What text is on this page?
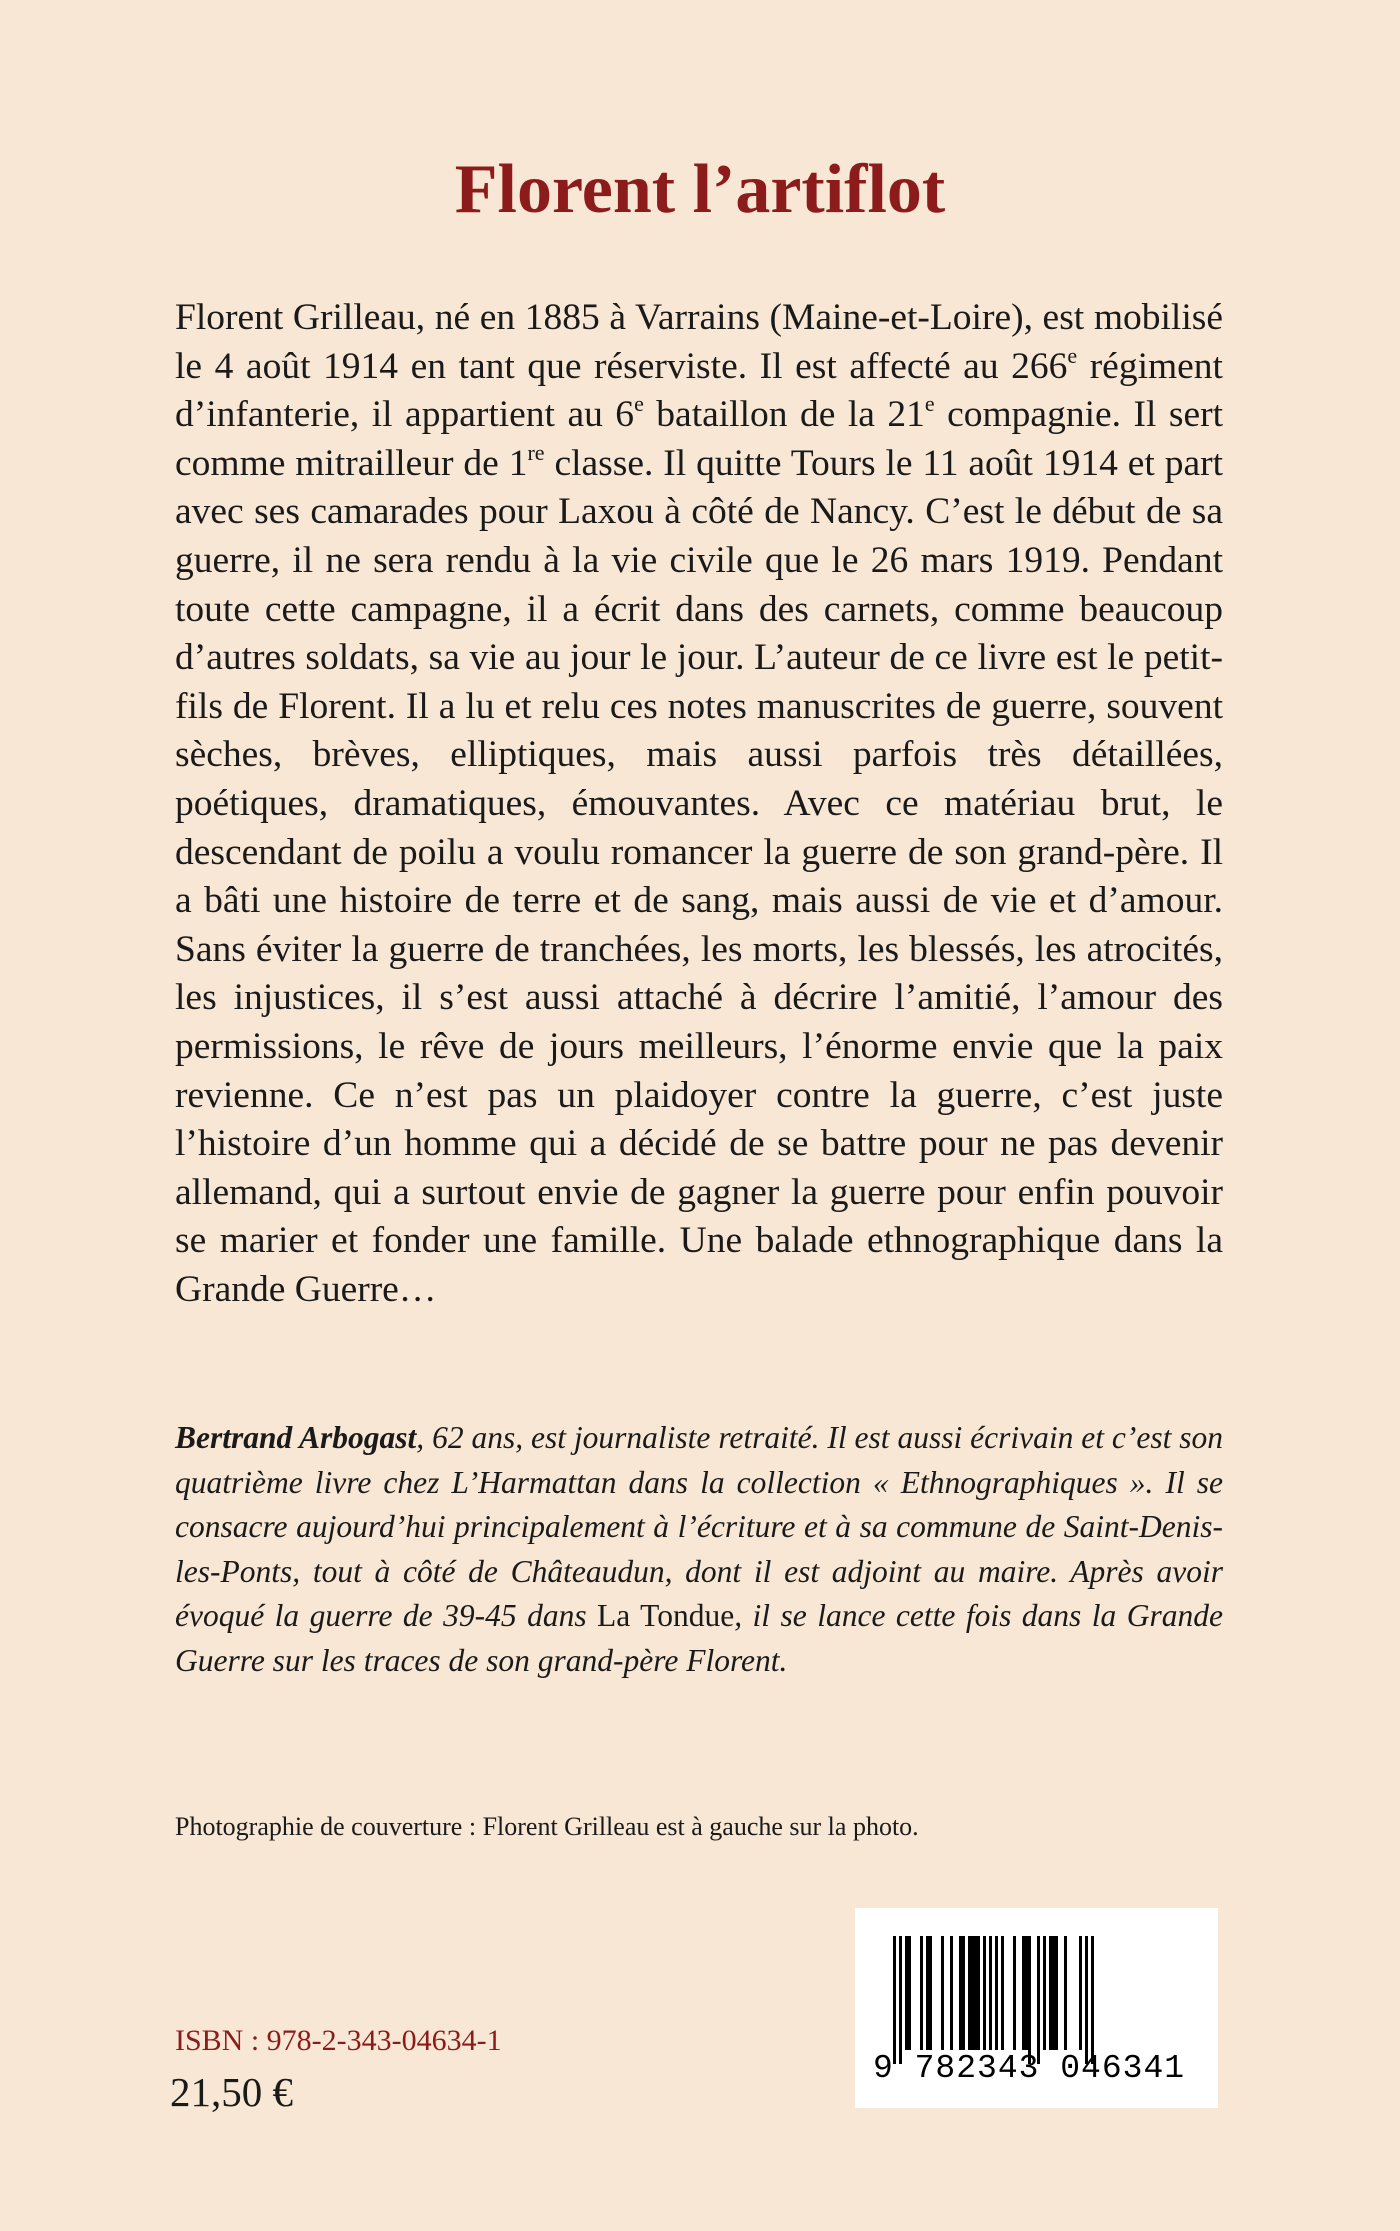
Florent l’artiflot

Florent Grilleau, né en 1885 à Varrains (Maine-et-Loire), est mobilisé le 4 août 1914 en tant que réserviste. Il est affecté au 266e régiment d’infanterie, il appartient au 6e bataillon de la 21e compagnie. Il sert comme mitrailleur de 1re classe. Il quitte Tours le 11 août 1914 et part avec ses camarades pour Laxou à côté de Nancy. C’est le début de sa guerre, il ne sera rendu à la vie civile que le 26 mars 1919. Pendant toute cette campagne, il a écrit dans des carnets, comme beaucoup d’autres soldats, sa vie au jour le jour. L’auteur de ce livre est le petit-fils de Florent. Il a lu et relu ces notes manuscrites de guerre, souvent sèches, brèves, elliptiques, mais aussi parfois très détaillées, poétiques, dramatiques, émouvantes. Avec ce matériau brut, le descendant de poilu a voulu romancer la guerre de son grand-père. Il a bâti une histoire de terre et de sang, mais aussi de vie et d’amour. Sans éviter la guerre de tranchées, les morts, les blessés, les atrocités, les injustices, il s’est aussi attaché à décrire l’amitié, l’amour des permissions, le rêve de jours meilleurs, l’énorme envie que la paix revienne. Ce n’est pas un plaidoyer contre la guerre, c’est juste l’histoire d’un homme qui a décidé de se battre pour ne pas devenir allemand, qui a surtout envie de gagner la guerre pour enfin pouvoir se marier et fonder une famille. Une balade ethnographique dans la Grande Guerre…

Bertrand Arbogast, 62 ans, est journaliste retraité. Il est aussi écrivain et c’est son quatrième livre chez L’Harmattan dans la collection « Ethnographiques ». Il se consacre aujourd’hui principalement à l’écriture et à sa commune de Saint-Denis-les-Ponts, tout à côté de Châteaudun, dont il est adjoint au maire. Après avoir évoqué la guerre de 39-45 dans La Tondue, il se lance cette fois dans la Grande Guerre sur les traces de son grand-père Florent.

Photographie de couverture : Florent Grilleau est à gauche sur la photo.

9 782343 046341

ISBN : 978-2-343-04634-1

21,50 €
